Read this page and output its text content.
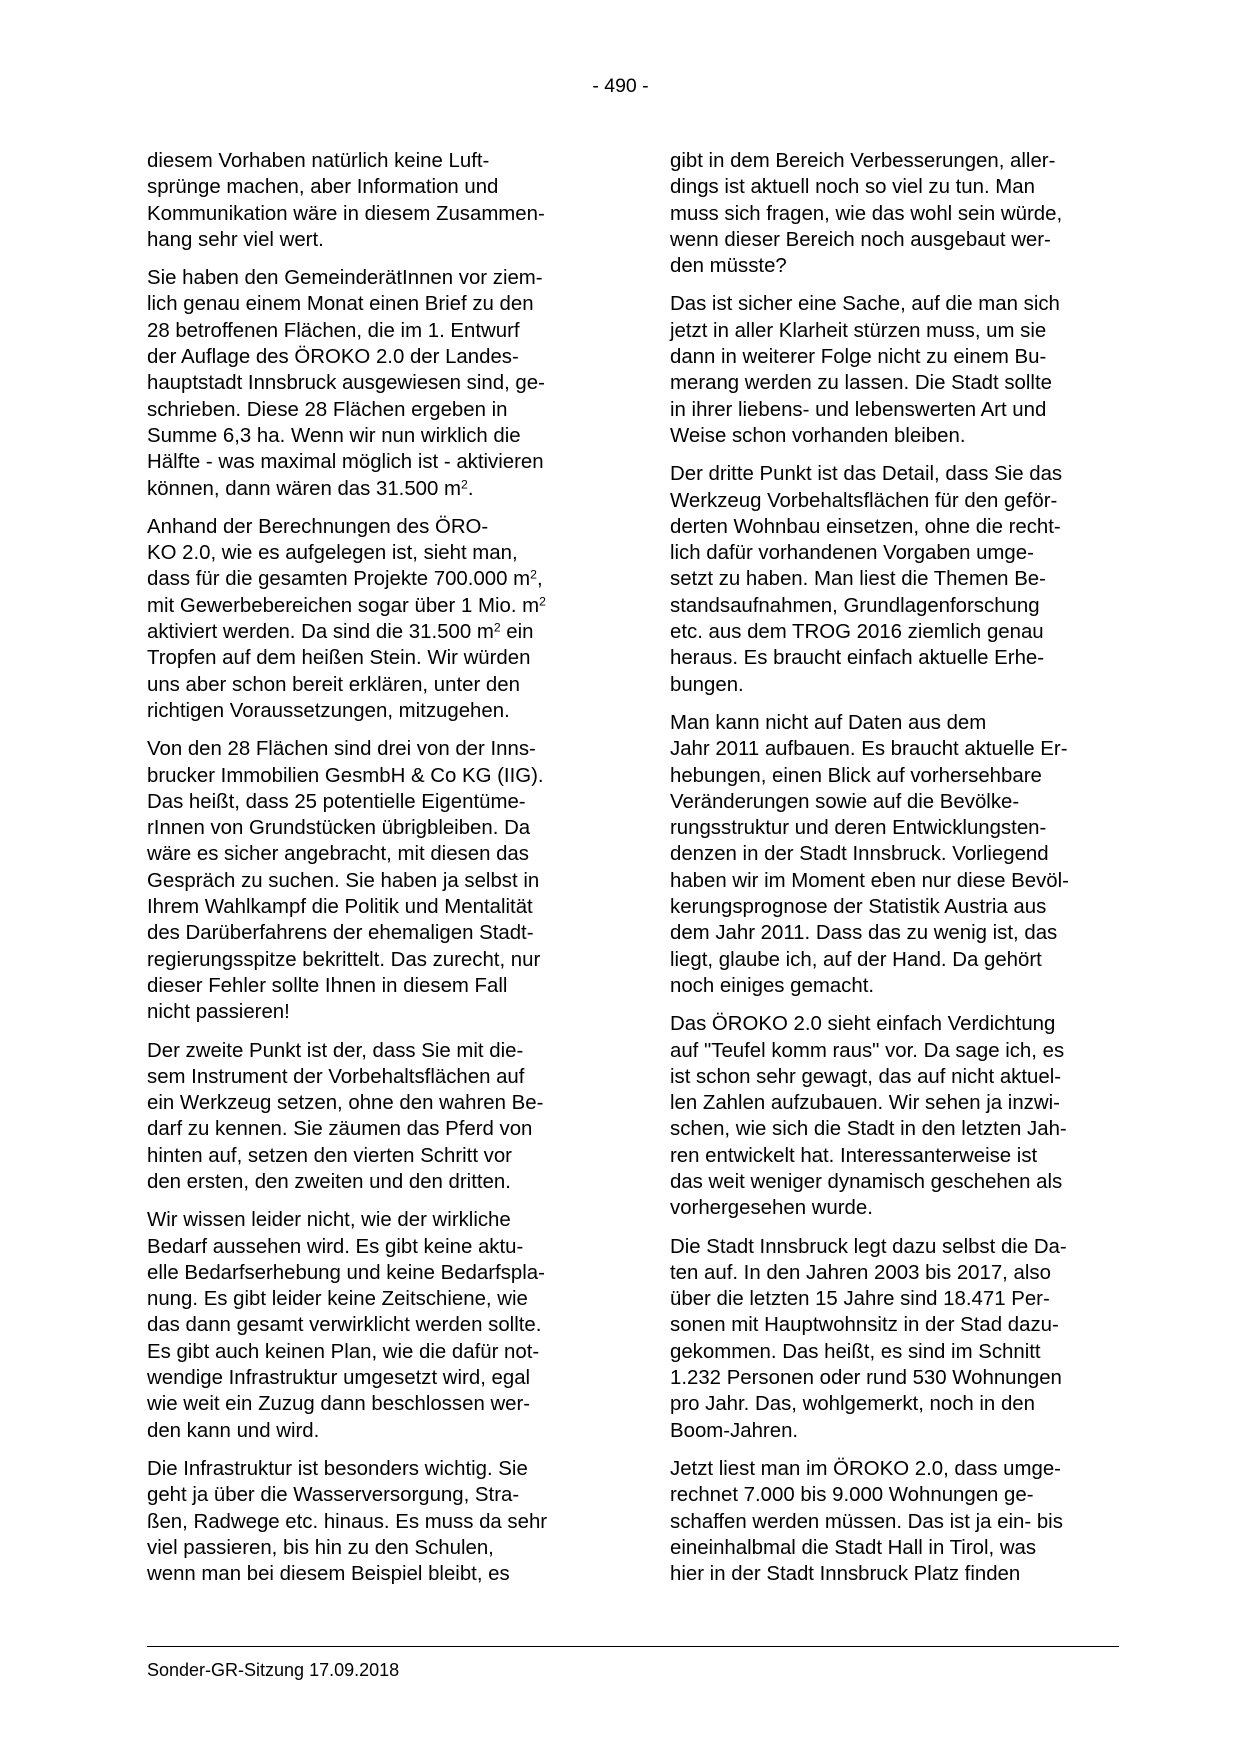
- 490 -

diesem Vorhaben natürlich keine Luft-
sprünge machen, aber Information und
Kommunikation wäre in diesem Zusammen-
hang sehr viel wert.

Sie haben den GemeinderätInnen vor ziem-
lich genau einem Monat einen Brief zu den
28 betroffenen Flächen, die im 1. Entwurf
der Auflage des ÖROKO 2.0 der Landes-
hauptstadt Innsbruck ausgewiesen sind, ge-
schrieben. Diese 28 Flächen ergeben in
Summe 6,3 ha. Wenn wir nun wirklich die
Hälfte - was maximal möglich ist - aktivieren
können, dann wären das 31.500 $m^2$.

Anhand der Berechnungen des ÖRO-
KO 2.0, wie es aufgelegen ist, sieht man,
dass für die gesamten Projekte 700.000 $m^2$,
mit Gewerbebereichen sogar über 1 Mio. $m^2$
aktiviert werden. Da sind die 31.500 $m^2$ ein
Tropfen auf dem heißen Stein. Wir würden
uns aber schon bereit erklären, unter den
richtigen Voraussetzungen, mitzugehen.

Von den 28 Flächen sind drei von der Inns-
brucker Immobilien GesmbH & Co KG (IIG).
Das heißt, dass 25 potentielle Eigentüme-
rInnen von Grundstücken übrigbleiben. Da
wäre es sicher angebracht, mit diesen das
Gespräch zu suchen. Sie haben ja selbst in
Ihrem Wahlkampf die Politik und Mentalität
des Darüberfahrens der ehemaligen Stadt-
regierungsspitze bekrittelt. Das zurecht, nur
dieser Fehler sollte Ihnen in diesem Fall
nicht passieren!

Der zweite Punkt ist der, dass Sie mit die-
sem Instrument der Vorbehaltsflächen auf
ein Werkzeug setzen, ohne den wahren Be-
darf zu kennen. Sie zäumen das Pferd von
hinten auf, setzen den vierten Schritt vor
den ersten, den zweiten und den dritten.

Wir wissen leider nicht, wie der wirkliche
Bedarf aussehen wird. Es gibt keine aktu-
elle Bedarfserhebung und keine Bedarfspla-
nung. Es gibt leider keine Zeitschiene, wie
das dann gesamt verwirklicht werden sollte.
Es gibt auch keinen Plan, wie die dafür not-
wendige Infrastruktur umgesetzt wird, egal
wie weit ein Zuzug dann beschlossen wer-
den kann und wird.

Die Infrastruktur ist besonders wichtig. Sie
geht ja über die Wasserversorgung, Stra-
ßen, Radwege etc. hinaus. Es muss da sehr
viel passieren, bis hin zu den Schulen,
wenn man bei diesem Beispiel bleibt, es

gibt in dem Bereich Verbesserungen, aller-
dings ist aktuell noch so viel zu tun. Man
muss sich fragen, wie das wohl sein würde,
wenn dieser Bereich noch ausgebaut wer-
den müsste?

Das ist sicher eine Sache, auf die man sich
jetzt in aller Klarheit stürzen muss, um sie
dann in weiterer Folge nicht zu einem Bu-
merang werden zu lassen. Die Stadt sollte
in ihrer liebens- und lebenswerten Art und
Weise schon vorhanden bleiben.

Der dritte Punkt ist das Detail, dass Sie das
Werkzeug Vorbehaltsflächen für den geför-
derten Wohnbau einsetzen, ohne die recht-
lich dafür vorhandenen Vorgaben umge-
setzt zu haben. Man liest die Themen Be-
standsaufnahmen, Grundlagenforschung
etc. aus dem TROG 2016 ziemlich genau
heraus. Es braucht einfach aktuelle Erhe-
bungen.

Man kann nicht auf Daten aus dem
Jahr 2011 aufbauen. Es braucht aktuelle Er-
hebungen, einen Blick auf vorhersehbare
Veränderungen sowie auf die Bevölke-
rungsstruktur und deren Entwicklungsten-
denzen in der Stadt Innsbruck. Vorliegend
haben wir im Moment eben nur diese Bevöl-
kerungsprognose der Statistik Austria aus
dem Jahr 2011. Dass das zu wenig ist, das
liegt, glaube ich, auf der Hand. Da gehört
noch einiges gemacht.

Das ÖROKO 2.0 sieht einfach Verdichtung
auf "Teufel komm raus" vor. Da sage ich, es
ist schon sehr gewagt, das auf nicht aktuel-
len Zahlen aufzubauen. Wir sehen ja inzwi-
schen, wie sich die Stadt in den letzten Jah-
ren entwickelt hat. Interessanterweise ist
das weit weniger dynamisch geschehen als
vorhergesehen wurde.

Die Stadt Innsbruck legt dazu selbst die Da-
ten auf. In den Jahren 2003 bis 2017, also
über die letzten 15 Jahre sind 18.471 Per-
sonen mit Hauptwohnsitz in der Stad dazu-
gekommen. Das heißt, es sind im Schnitt
1.232 Personen oder rund 530 Wohnungen
pro Jahr. Das, wohlgemerkt, noch in den
Boom-Jahren.

Jetzt liest man im ÖROKO 2.0, dass umge-
rechnet 7.000 bis 9.000 Wohnungen ge-
schaffen werden müssen. Das ist ja ein- bis
eineinhalbmal die Stadt Hall in Tirol, was
hier in der Stadt Innsbruck Platz finden

Sonder-GR-Sitzung 17.09.2018
